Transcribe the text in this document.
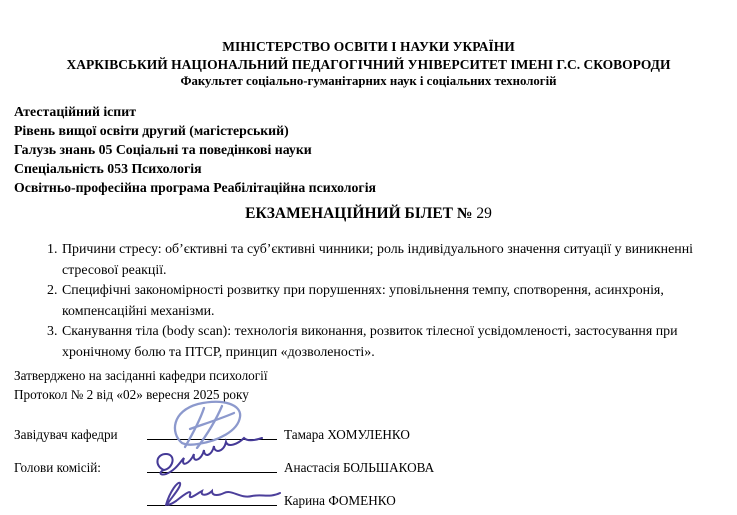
МІНІСТЕРСТВО ОСВІТИ І НАУКИ УКРАЇНИ
ХАРКІВСЬКИЙ НАЦІОНАЛЬНИЙ ПЕДАГОГІЧНИЙ УНІВЕРСИТЕТ ІМЕНІ Г.С. СКОВОРОДИ
Факультет соціально-гуманітарних наук і соціальних технологій
Атестаційний іспит
Рівень вищої освіти другий (магістерський)
Галузь знань 05 Соціальні та поведінкові науки
Спеціальність 053 Психологія
Освітньо-професійна програма Реабілітаційна психологія
ЕКЗАМЕНАЦІЙНИЙ БІЛЕТ № 29
1. Причини стресу: об’єктивні та суб’єктивні чинники; роль індивідуального значення ситуації у виникненні стресової реакції.
2. Специфічні закономірності розвитку при порушеннях: уповільнення темпу, спотворення, асинхронія, компенсаційні механізми.
3. Сканування тіла (body scan): технологія виконання, розвиток тілесної усвідомленості, застосування при хронічному болю та ПТСР, принцип «дозволеності».
Затверджено на засіданні кафедри психології
Протокол № 2 від «02» вересня 2025 року
Завідувач кафедри	Тамара ХОМУЛЕНКО
Голови комісій:	Анастасія БОЛЬШАКОВА
Карина ФОМЕНКО
